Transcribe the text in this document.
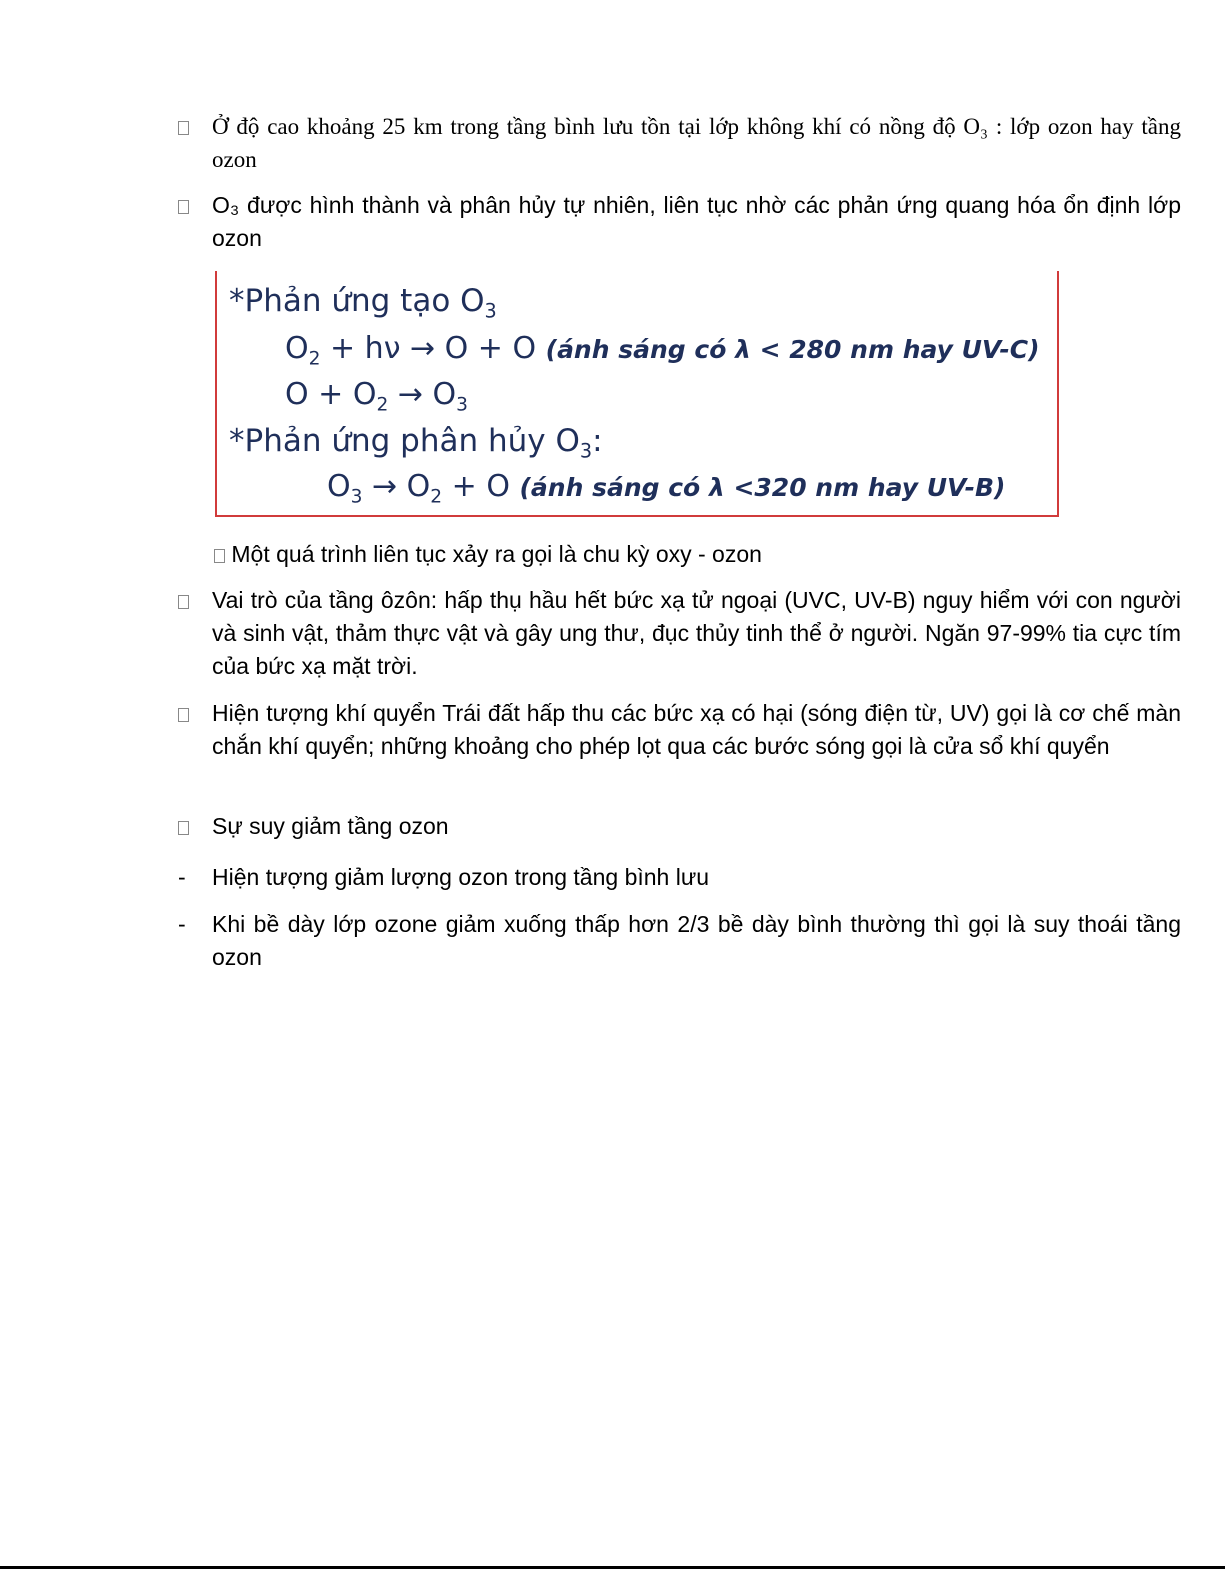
Ở độ cao khoảng 25 km trong tầng bình lưu tồn tại lớp không khí có nồng độ O₃ : lớp ozon hay tầng ozon
O₃ được hình thành và phân hủy tự nhiên, liên tục nhờ các phản ứng quang hóa ổn định lớp ozon
*Phản ứng tạo $O_3$
$O_2 + h\nu \to O + O$ (ánh sáng có λ < 280 nm hay UV-C)
$O + O_2 \to O_3$
*Phản ứng phân hủy $O_3$:
$O_3 \to O_2 + O$ (ánh sáng có λ <320 nm hay UV-B)
Một quá trình liên tục xảy ra gọi là chu kỳ oxy - ozon
Vai trò của tầng ôzôn: hấp thụ hầu hết bức xạ tử ngoại (UVC, UV-B) nguy hiểm với con người và sinh vật, thảm thực vật và gây ung thư, đục thủy tinh thể ở người. Ngăn 97-99% tia cực tím của bức xạ mặt trời.
Hiện tượng khí quyển Trái đất hấp thu các bức xạ có hại (sóng điện từ, UV) gọi là cơ chế màn chắn khí quyển; những khoảng cho phép lọt qua các bước sóng gọi là cửa sổ khí quyển
Sự suy giảm tầng ozon
-	Hiện tượng giảm lượng ozon trong tầng bình lưu
-	Khi bề dày lớp ozone giảm xuống thấp hơn 2/3 bề dày bình thường thì gọi là suy thoái tầng ozon
